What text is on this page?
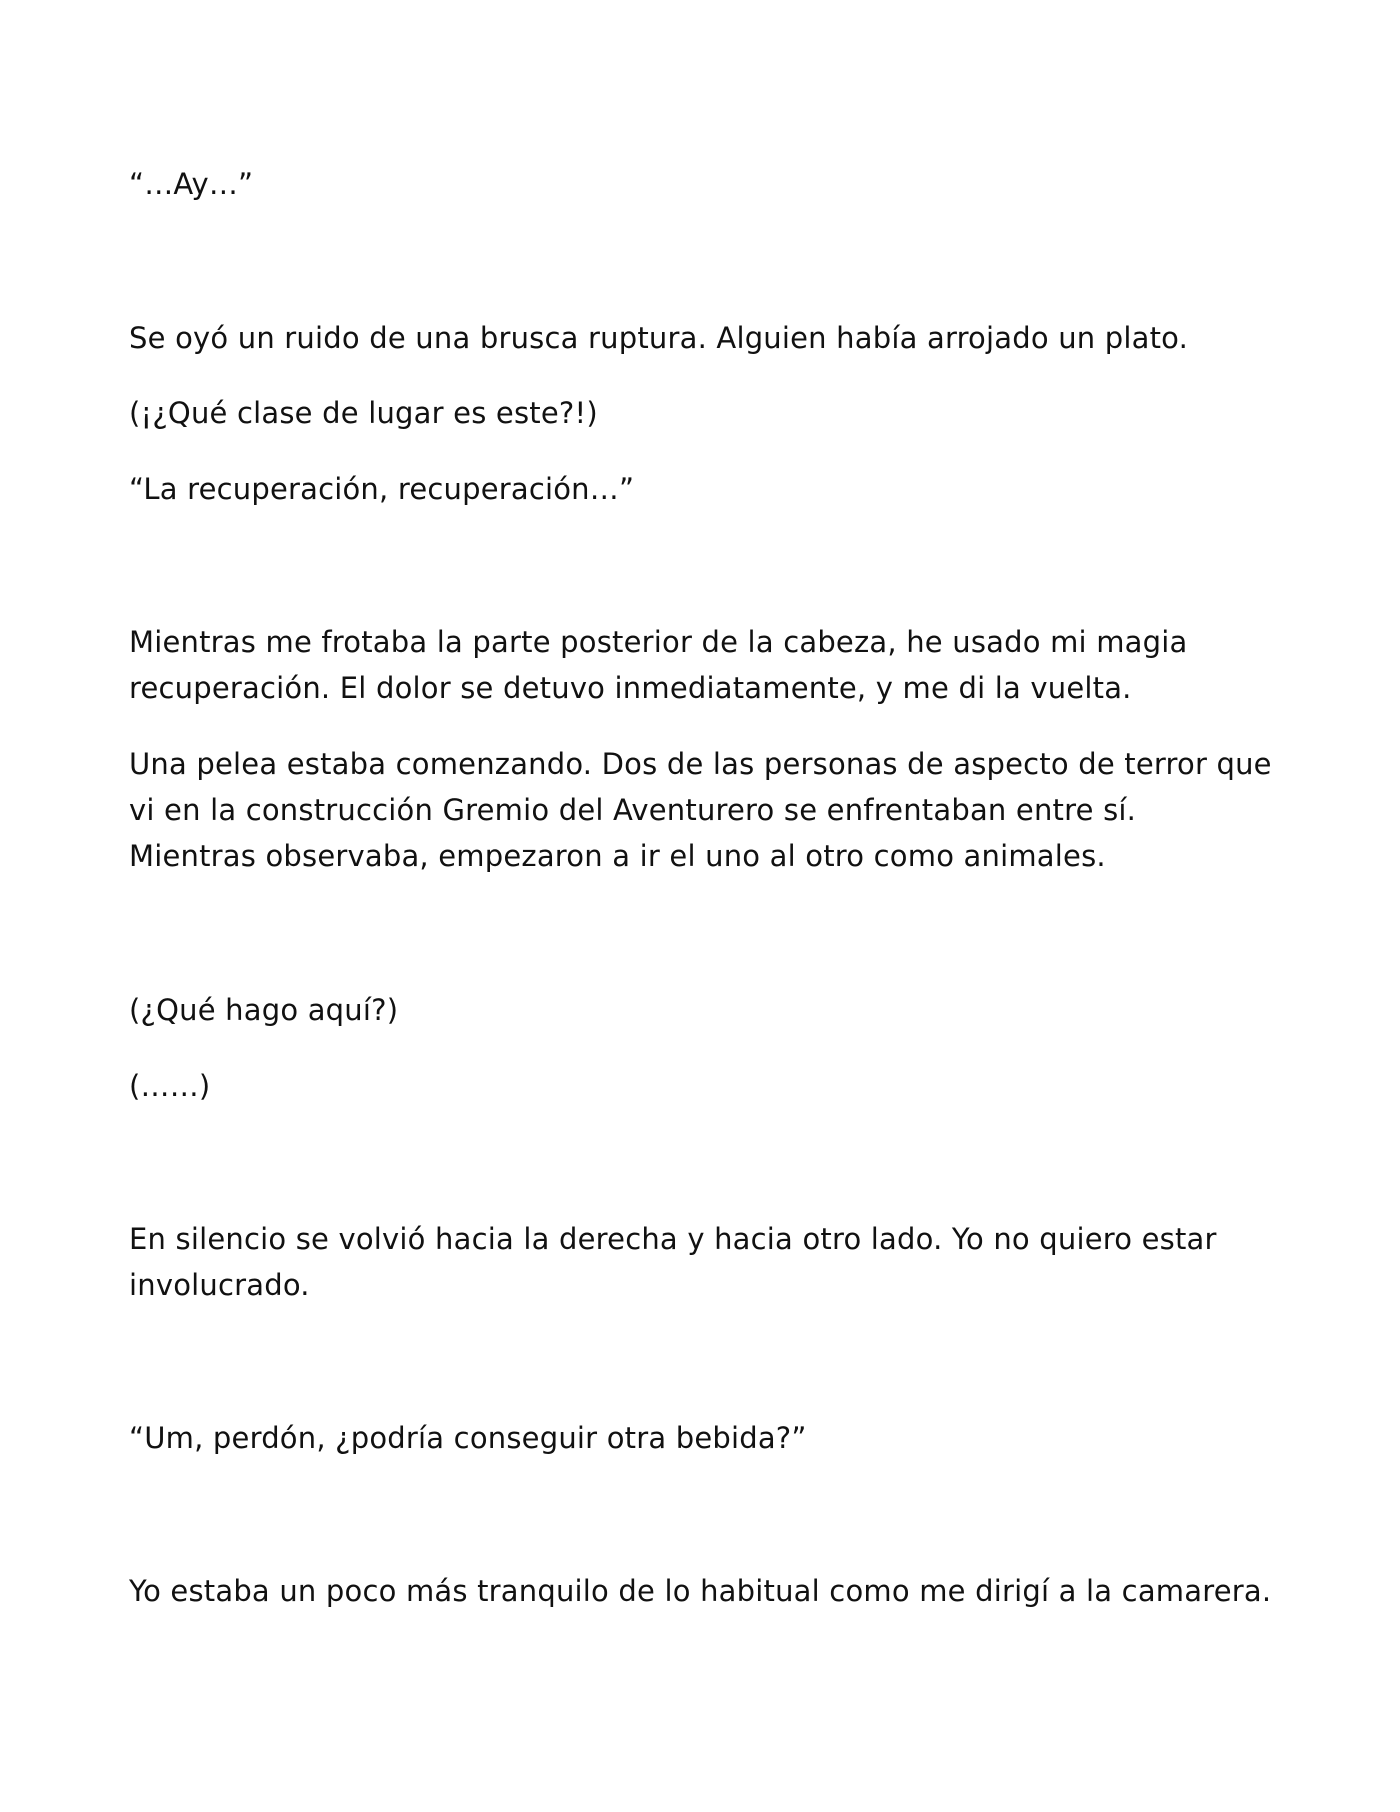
“…Ay…”

Se oyó un ruido de una brusca ruptura. Alguien había arrojado un plato.

(¡¿Qué clase de lugar es este?!)

“La recuperación, recuperación…”

Mientras me frotaba la parte posterior de la cabeza, he usado mi magia

recuperación. El dolor se detuvo inmediatamente, y me di la vuelta.

Una pelea estaba comenzando. Dos de las personas de aspecto de terror que

vi en la construcción Gremio del Aventurero se enfrentaban entre sí.

Mientras observaba, empezaron a ir el uno al otro como animales.

(¿Qué hago aquí?)

(……)

En silencio se volvió hacia la derecha y hacia otro lado. Yo no quiero estar

involucrado.

“Um, perdón, ¿podría conseguir otra bebida?”

Yo estaba un poco más tranquilo de lo habitual como me dirigí a la camarera.
